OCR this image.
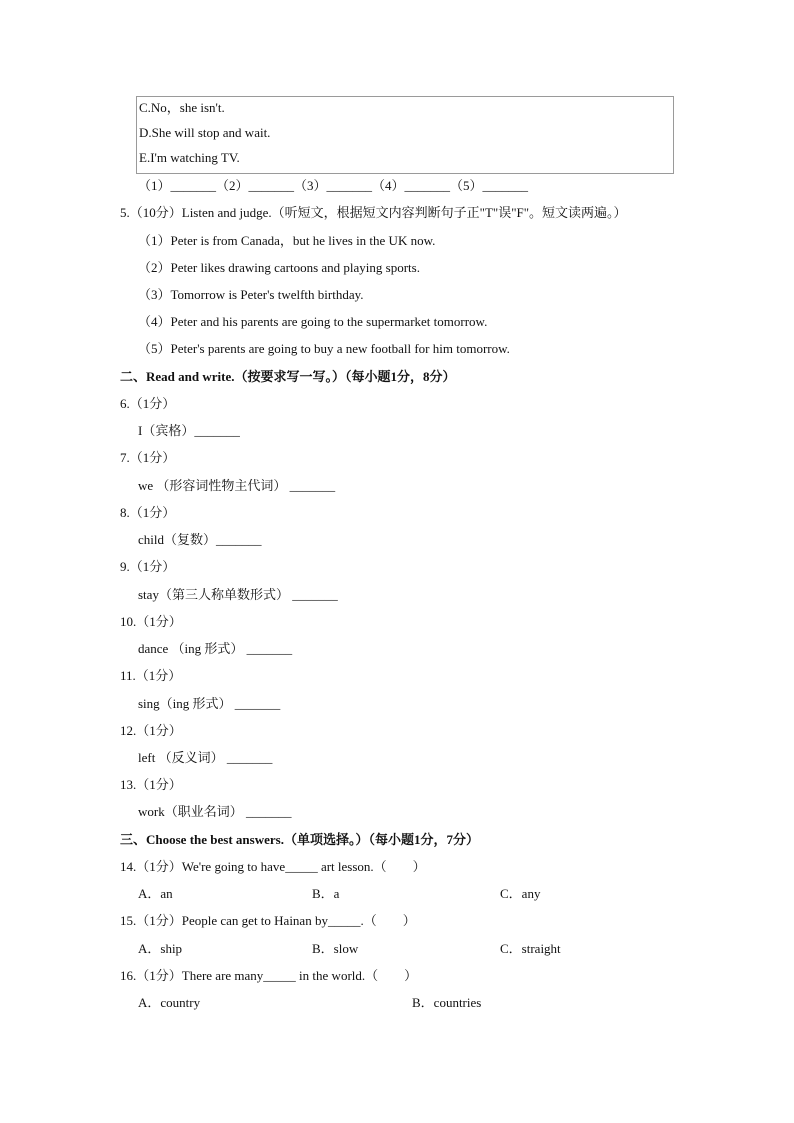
C.No，she isn't.
D.She will stop and wait.
E.I'm watching TV.
（1）_______（2）_______（3）_______（4）_______（5）_______
5.（10分）Listen and judge.（听短文，根据短文内容判断句子正"T"误"F"。短文读两遍。）
（1）Peter is from Canada，but he lives in the UK now.
（2）Peter likes drawing cartoons and playing sports.
（3）Tomorrow is Peter's twelfth birthday.
（4）Peter and his parents are going to the supermarket tomorrow.
（5）Peter's parents are going to buy a new football for him tomorrow.
二、Read and write.（按要求写一写。）（每小题1分，8分）
6.（1分）
I（宾格）_______
7.（1分）
we （形容词性物主代词） _______
8.（1分）
child（复数）_______
9.（1分）
stay（第三人称单数形式） _______
10.（1分）
dance （ing 形式） _______
11.（1分）
sing（ing 形式） _______
12.（1分）
left （反义词） _______
13.（1分）
work（职业名词） _______
三、Choose the best answers.（单项选择。）（每小题1分，7分）
14.（1分）We're going to have_____ art lesson.（　　）
A．an	B．a	C．any
15.（1分）People can get to Hainan by_____.（　　）
A．ship	B．slow	C．straight
16.（1分）There are many_____ in the world.（　　）
A．country	B．countries
